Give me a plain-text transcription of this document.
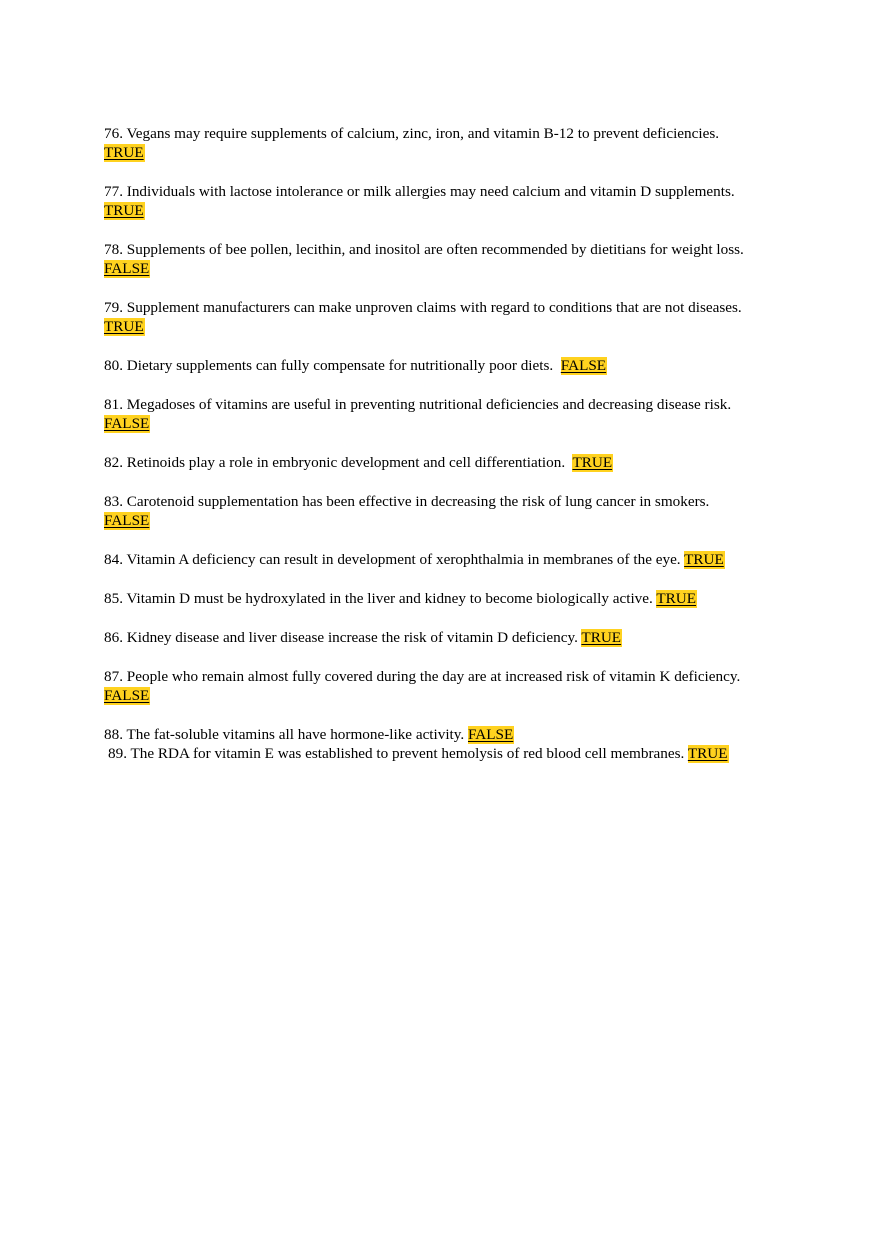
76. Vegans may require supplements of calcium, zinc, iron, and vitamin B-12 to prevent deficiencies.
TRUE

77. Individuals with lactose intolerance or milk allergies may need calcium and vitamin D supplements.
TRUE

78. Supplements of bee pollen, lecithin, and inositol are often recommended by dietitians for weight loss.  FALSE

79. Supplement manufacturers can make unproven claims with regard to conditions that are not diseases.  TRUE

80. Dietary supplements can fully compensate for nutritionally poor diets. FALSE

81. Megadoses of vitamins are useful in preventing nutritional deficiencies and decreasing disease risk.
FALSE

82. Retinoids play a role in embryonic development and cell differentiation. TRUE

83. Carotenoid supplementation has been effective in decreasing the risk of lung cancer in smokers.
FALSE

84. Vitamin A deficiency can result in development of xerophthalmia in membranes of the eye. TRUE

85. Vitamin D must be hydroxylated in the liver and kidney to become biologically active. TRUE

86. Kidney disease and liver disease increase the risk of vitamin D deficiency. TRUE

87. People who remain almost fully covered during the day are at increased risk of vitamin K deficiency.
FALSE

88. The fat-soluble vitamins all have hormone-like activity. FALSE

89. The RDA for vitamin E was established to prevent hemolysis of red blood cell membranes. TRUE
